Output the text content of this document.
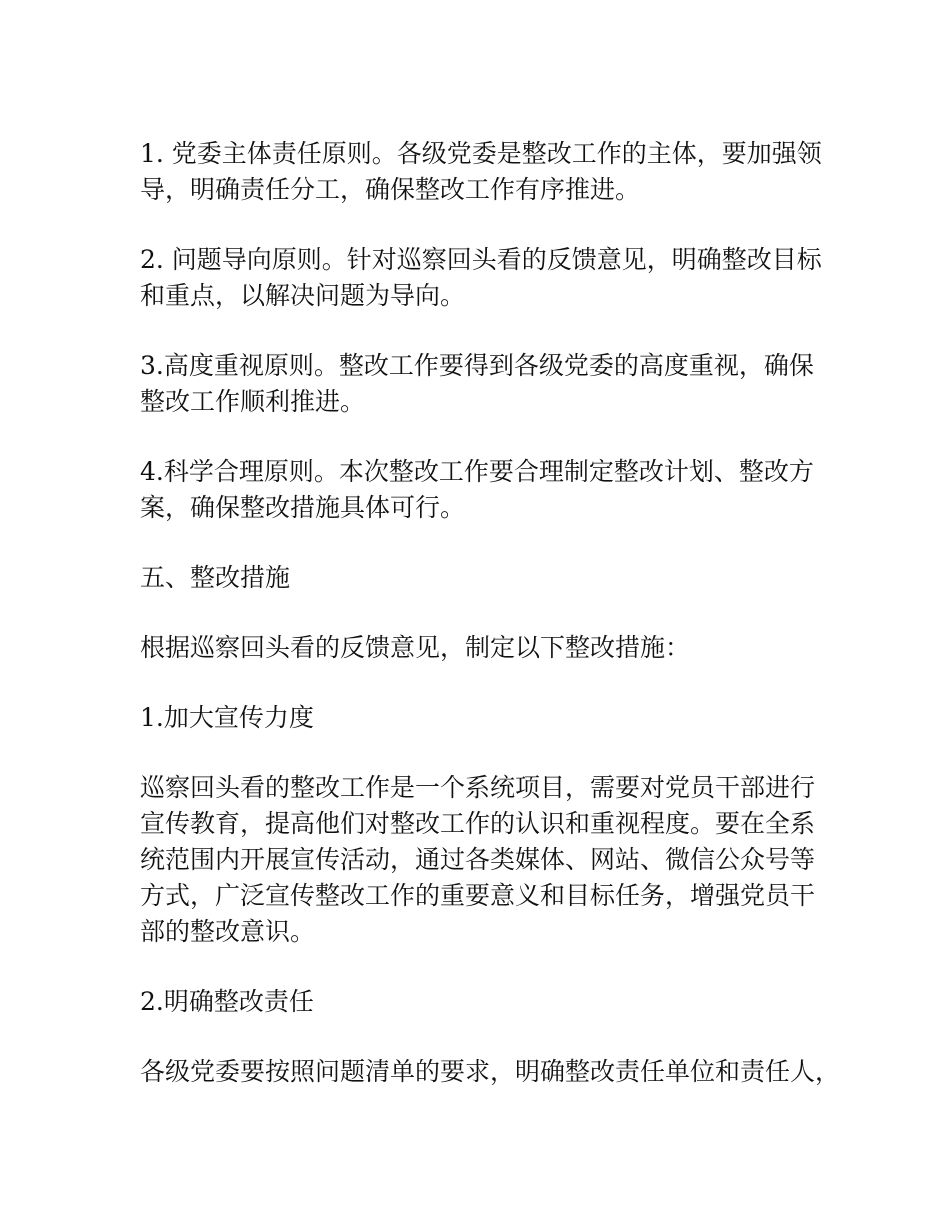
1. 党委主体责任原则。各级党委是整改工作的主体，要加强领
导，明确责任分工，确保整改工作有序推进。

2. 问题导向原则。针对巡察回头看的反馈意见，明确整改目标
和重点，以解决问题为导向。

3.高度重视原则。整改工作要得到各级党委的高度重视，确保
整改工作顺利推进。

4.科学合理原则。本次整改工作要合理制定整改计划、整改方
案，确保整改措施具体可行。

五、整改措施

根据巡察回头看的反馈意见，制定以下整改措施：

1.加大宣传力度

巡察回头看的整改工作是一个系统项目，需要对党员干部进行
宣传教育，提高他们对整改工作的认识和重视程度。要在全系
统范围内开展宣传活动，通过各类媒体、网站、微信公众号等
方式，广泛宣传整改工作的重要意义和目标任务，增强党员干
部的整改意识。

2.明确整改责任

各级党委要按照问题清单的要求，明确整改责任单位和责任人，
